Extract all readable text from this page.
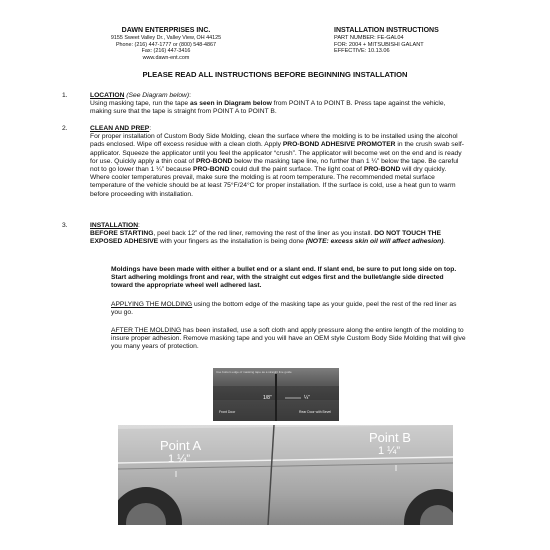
DAWN ENTERPRISES INC.
9155 Sweet Valley Dr., Valley View, OH 44125
Phone: (216) 447-1777 or (800) 548-4867
Fax: (216) 447-3416
www.dawn-ent.com
INSTALLATION INSTRUCTIONS
PART NUMBER: FE-GAL04
FOR: 2004 + MITSUBISHI GALANT
EFFECTIVE: 10.13.06
PLEASE READ ALL INSTRUCTIONS BEFORE BEGINNING INSTALLATION
1.	LOCATION (See Diagram below):

Using masking tape, run the tape as seen in Diagram below from POINT A to POINT B. Press tape against the vehicle, making sure that the tape is straight from POINT A to POINT B.

2.	CLEAN AND PREP:

For proper installation of Custom Body Side Molding, clean the surface where the molding is to be installed using the alcohol pads enclosed. Wipe off excess residue with a clean cloth. Apply PRO-BOND ADHESIVE PROMOTER in the crush swab self-applicator. Squeeze the applicator until you feel the applicator “crush”. The applicator will become wet on the end and is ready for use. Quickly apply a thin coat of PRO-BOND below the masking tape line, no further than 1 ¼” below the tape. Be careful not to go lower than 1 ¼” because PRO-BOND could dull the paint surface. The light coat of PRO-BOND will dry quickly. Where cooler temperatures prevail, make sure the molding is at room temperature. The recommended metal surface temperature of the vehicle should be at least 75°F/24°C for proper installation. If the surface is cold, use a heat gun to warm before proceeding with installation.

3.	INSTALLATION:

BEFORE STARTING, peel back 12” of the red liner, removing the rest of the liner as you install. DO NOT TOUCH THE EXPOSED ADHESIVE with your fingers as the installation is being done (NOTE: excess skin oil will affect adhesion).

Moldings have been made with either a bullet end or a slant end. If slant end, be sure to put long side on top. Start adhering moldings front and rear, with the straight cut edges first and the bullet/angle side directed toward the appropriate wheel well adhered last.

APPLYING THE MOLDING using the bottom edge of the masking tape as your guide, peel the rest of the red liner as you go.

AFTER THE MOLDING has been installed, use a soft cloth and apply pressure along the entire length of the molding to insure proper adhesion. Remove masking tape and you will have an OEM style Custom Body Side Molding that will give you many years of protection.

Use bottom edge of masking tape as a straight line guide
1/8”	¼”
Front Door	Rear Door with Bevel
Point A
1 ¼”
Point B
1 ¼”
